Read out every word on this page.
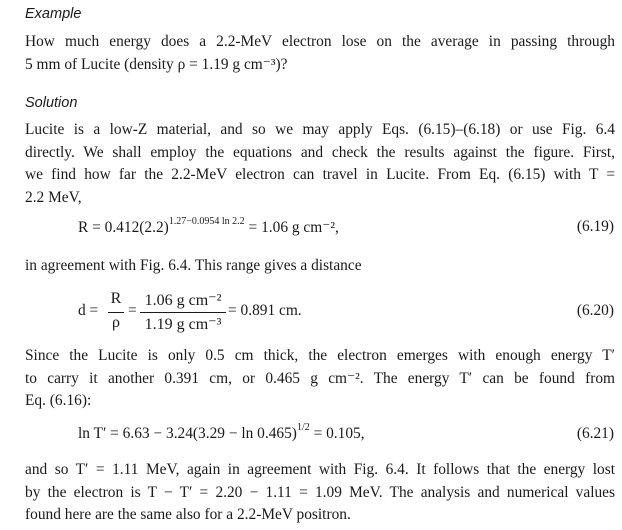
Example
How much energy does a 2.2-MeV electron lose on the average in passing through
5 mm of Lucite (density ρ = 1.19 g cm⁻³)?
Solution
Lucite is a low-Z material, and so we may apply Eqs. (6.15)–(6.18) or use Fig. 6.4
directly. We shall employ the equations and check the results against the figure. First,
we find how far the 2.2-MeV electron can travel in Lucite. From Eq. (6.15) with T =
2.2 MeV,
$R = 0.412(2.2)^{1.27-0.0954 ln 2.2} = 1.06$ g cm⁻²,	(6.19)
in agreement with Fig. 6.4. This range gives a distance
d =
R
ρ
=
1.06 g cm⁻²
1.19 g cm⁻³
= 0.891 cm.	(6.20)
Since the Lucite is only 0.5 cm thick, the electron emerges with enough energy T′
to carry it another 0.391 cm, or 0.465 g cm⁻². The energy T′ can be found from
Eq. (6.16):
$\ln T' = 6.63 - 3.24(3.29 - \ln 0.465)^{1/2} = 0.105$,	(6.21)
and so T′ = 1.11 MeV, again in agreement with Fig. 6.4. It follows that the energy lost
by the electron is T − T′ = 2.20 − 1.11 = 1.09 MeV. The analysis and numerical values
found here are the same also for a 2.2-MeV positron.
